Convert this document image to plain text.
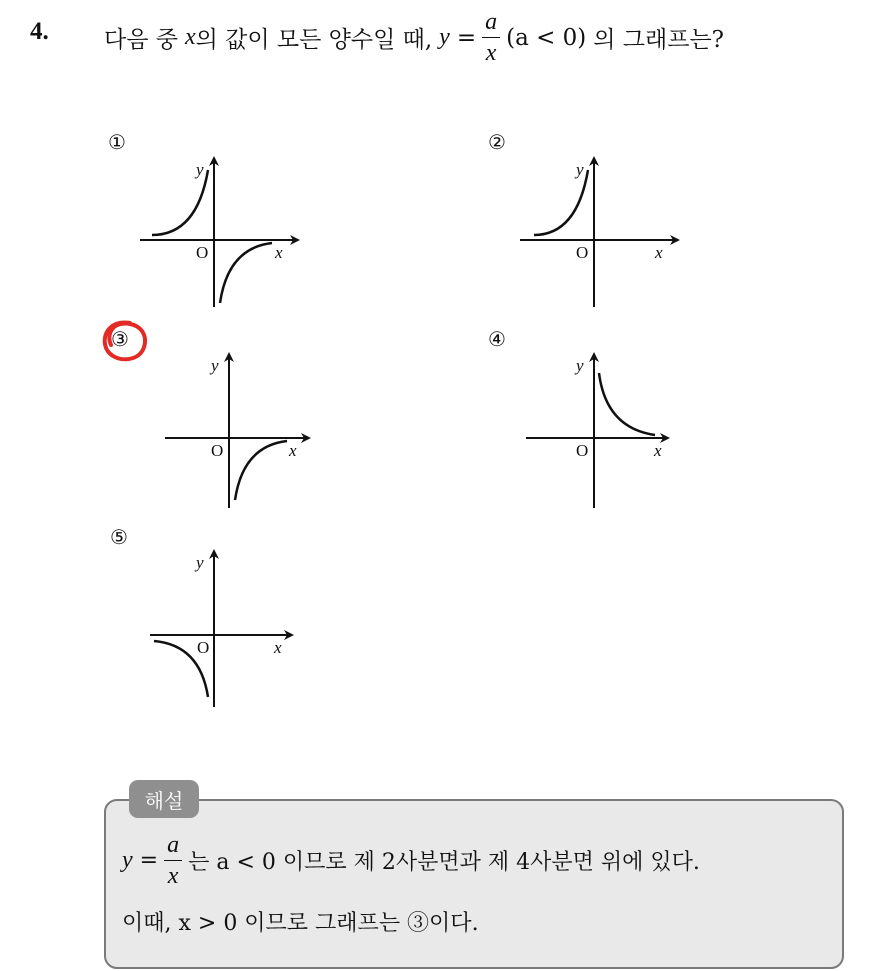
4. 다음 중 x 의 값이 모든 양수일 때, $y = \frac{a}{x} (a < 0)$ 의 그래프는?
①	②
③	④
⑤
y
O	x
y
O	x
y
O	x
y
O	x
y
O	x
해설
$y = \frac{a}{x}$ 는 a < 0 이므로 제 2사분면과 제 4사분면 위에 있다.
이때, x > 0 이므로 그래프는 ③이다.
